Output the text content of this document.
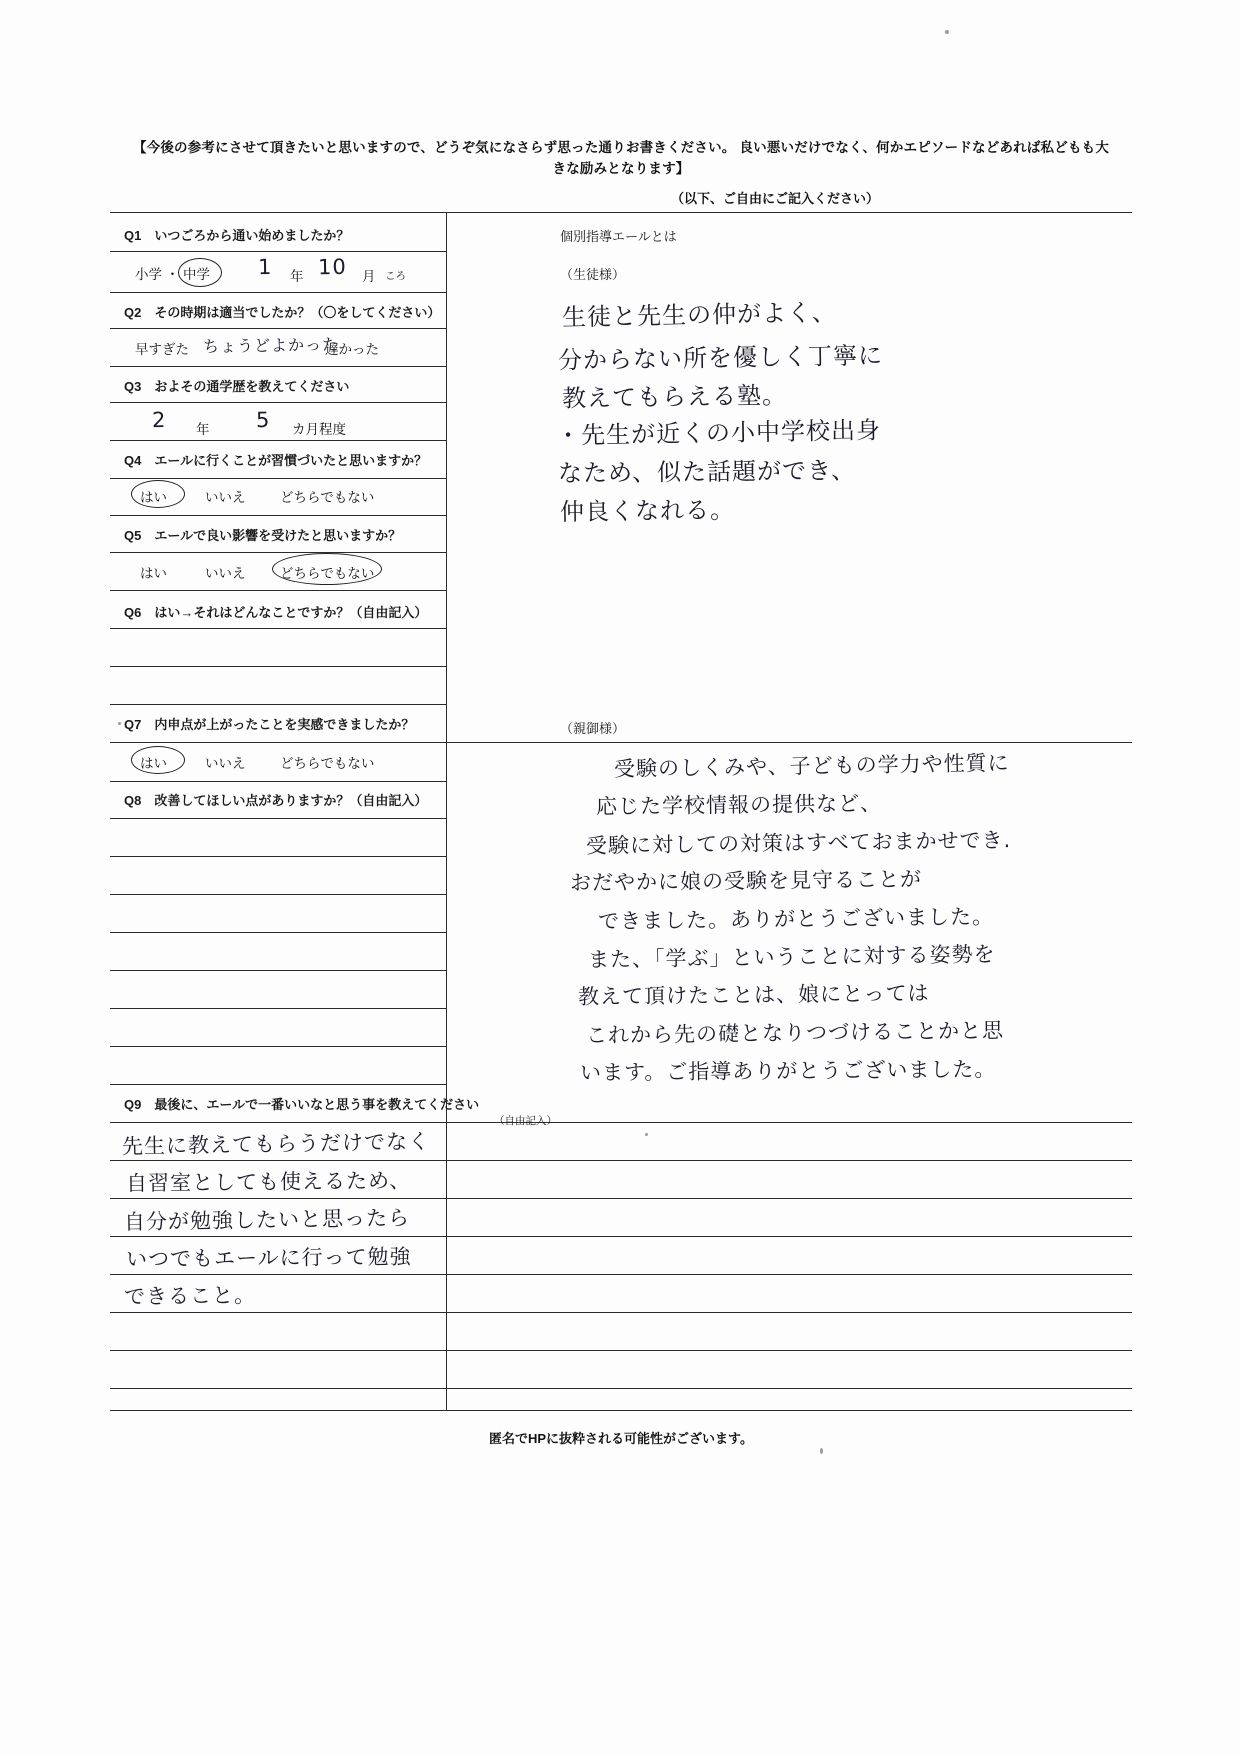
【今後の参考にさせて頂きたいと思いますので、どうぞ気になさらず思った通りお書きください。 良い悪いだけでなく、何かエピソードなどあれば私どもも大
きな励みとなります】
（以下、ご自由にご記入ください）
Q1　いつごろから通い始めましたか？
小学 ・ 中学 1 年 10 月 ころ
Q2　その時期は適当でしたか？（〇をしてください）
早すぎた ちょうどよかった
遅かった
Q3　およその通学歴を教えてください
2 年 5 カ月程度
Q4　エールに行くことが習慣づいたと思いますか？
はい	いいえ	どちらでもない
Q5　エールで良い影響を受けたと思いますか？
はい	いいえ	どちらでもない
Q6　はい→それはどんなことですか？（自由記入）
Q7　内申点が上がったことを実感できましたか？
はい	いいえ	どちらでもない
Q8　改善してほしい点がありますか？（自由記入）
Q9　最後に、エールで一番いいなと思う事を教えてください
（自由記入）
先生に教えてもらうだけでなく
自習室としても使えるため、
自分が勉強したいと思ったら
いつでもエールに行って勉強
できること。
個別指導エールとは
（生徒様）
生徒と先生の仲がよく、
分からない所を優しく丁寧に
教えてもらえる塾。
・先生が近くの小中学校出身
なため、似た話題ができ、
仲良くなれる。
（親御様）
受験のしくみや、子どもの学力や性質に
応じた学校情報の提供など、
受験に対しての対策はすべておまかせでき.
おだやかに娘の受験を見守ることが
できました。ありがとうございました。
また、「学ぶ」ということに対する姿勢を
教えて頂けたことは、娘にとっては
これから先の礎となりつづけることかと思
います。ご指導ありがとうございました。
匿名でHPに抜粋される可能性がございます。
